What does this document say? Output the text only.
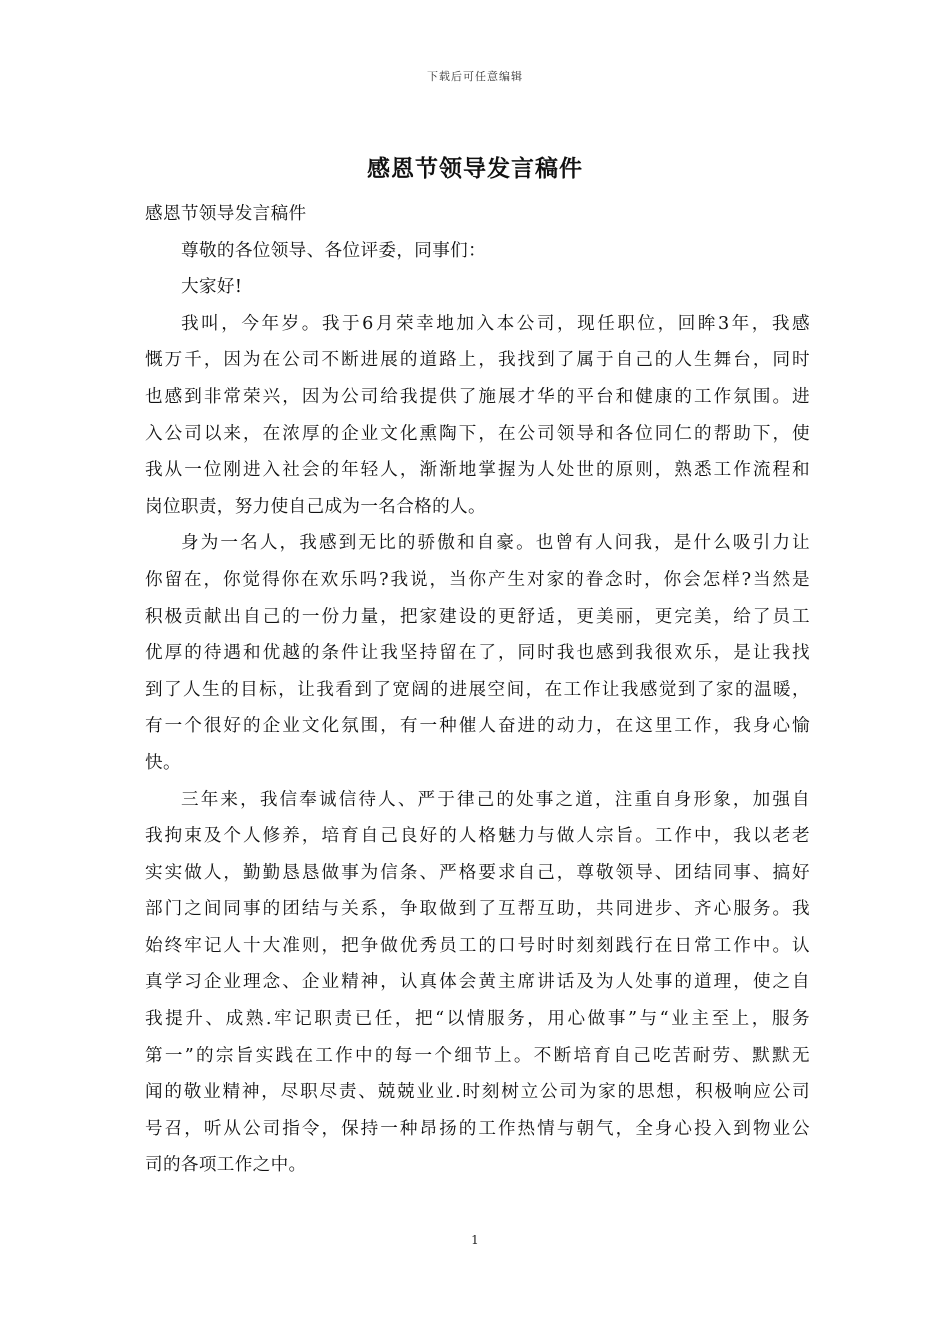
下载后可任意编辑
感恩节领导发言稿件
感恩节领导发言稿件
尊敬的各位领导、各位评委，同事们：
大家好!
我叫，今年岁。我于6月荣幸地加入本公司，现任职位，回眸3年，我感
慨万千，因为在公司不断进展的道路上，我找到了属于自己的人生舞台，同时
也感到非常荣兴，因为公司给我提供了施展才华的平台和健康的工作氛围。进
入公司以来，在浓厚的企业文化熏陶下，在公司领导和各位同仁的帮助下，使
我从一位刚进入社会的年轻人，渐渐地掌握为人处世的原则，熟悉工作流程和
岗位职责，努力使自己成为一名合格的人。
身为一名人，我感到无比的骄傲和自豪。也曾有人问我，是什么吸引力让
你留在，你觉得你在欢乐吗?我说，当你产生对家的眷念时，你会怎样?当然是
积极贡献出自己的一份力量，把家建设的更舒适，更美丽，更完美，给了员工
优厚的待遇和优越的条件让我坚持留在了，同时我也感到我很欢乐，是让我找
到了人生的目标，让我看到了宽阔的进展空间，在工作让我感觉到了家的温暖，
有一个很好的企业文化氛围，有一种催人奋进的动力，在这里工作，我身心愉
快。
三年来，我信奉诚信待人、严于律己的处事之道，注重自身形象，加强自
我拘束及个人修养，培育自己良好的人格魅力与做人宗旨。工作中，我以老老
实实做人，勤勤恳恳做事为信条、严格要求自己，尊敬领导、团结同事、搞好
部门之间同事的团结与关系，争取做到了互帮互助，共同进步、齐心服务。我
始终牢记人十大准则，把争做优秀员工的口号时时刻刻践行在日常工作中。认
真学习企业理念、企业精神，认真体会黄主席讲话及为人处事的道理，使之自
我提升、成熟.牢记职责已任，把“以情服务，用心做事”与“业主至上，服务
第一”的宗旨实践在工作中的每一个细节上。不断培育自己吃苦耐劳、默默无
闻的敬业精神，尽职尽责、兢兢业业.时刻树立公司为家的思想，积极响应公司
号召，听从公司指令，保持一种昂扬的工作热情与朝气，全身心投入到物业公
司的各项工作之中。
1
